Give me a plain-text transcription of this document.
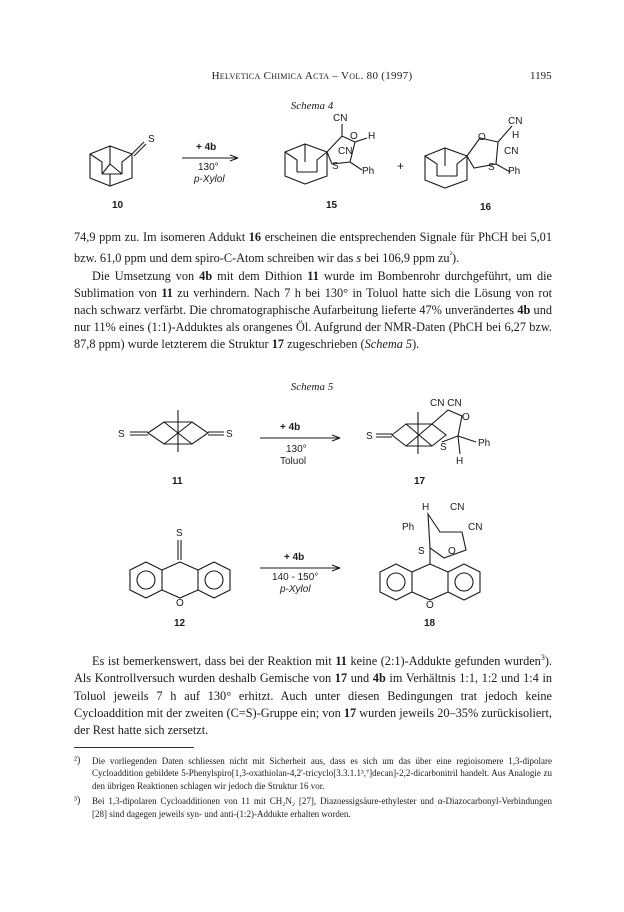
Helvetica Chimica Acta – Vol. 80 (1997)	1195
Schema 4
S
+ 4b
130°
p-Xylol
CN
O H
CN
S Ph +
CN
O	H
CN
S Ph
10	15	16

74,9 ppm zu. Im isomeren Addukt 16 erscheinen die entsprechenden Signale für PhCH bei 5,01 bzw. 61,0 ppm und dem spiro-C-Atom schreiben wir das s bei 106,9 ppm $zu^{^2}$).

Die Umsetzung von 4b mit dem Dithion 11 wurde im Bombenrohr durchgeführt, um die Sublimation von 11 zu verhindern. Nach 7 h bei 130° in Toluol hatte sich die Lösung von rot nach schwarz verfärbt. Die chromatographische Aufarbeitung lieferte 47% unverändertes 4b und nur 11% eines (1:1)-Adduktes als orangenes Öl. Aufgrund der NMR-Daten (PhCH bei 6,27 bzw. 87,8 ppm) wurde letzterem die Struktur 17 zugeschrieben (Schema 5).

Schema 5
S	S
+ 4b
130°
Toluol
CN CN
O
S
S	Ph
H
S
O
+ 4b
140 - 150°
p-Xylol
H CN
Ph	CN
S O
O
11	17
12	18

Es ist bemerkenswert, dass bei der Reaktion mit 11 keine (2:1)-Addukte gefunden wurden$^3$). Als Kontrollversuch wurden deshalb Gemische von 17 und 4b im Verhältnis 1:1, 1:2 und 1:4 in Toluol jeweils 7 h auf 130° erhitzt. Auch unter diesen Bedingungen trat jedoch keine Cycloaddition mit der zweiten (C=S)-Gruppe ein; von 17 wurden jeweils 20–35% zurückisoliert, der Rest hatte sich zersetzt.

²) Die vorliegenden Daten schliessen nicht mit Sicherheit aus, dass es sich um das über eine regioisomere 1,3-dipolare Cycloaddition gebildete 5-Phenylspiro[1,3-oxathiolan-4,2'-tricyclo[3.3.1.1³,⁷]decan]-2,2-dicarbonitril handelt. Aus Analogie zu den übrigen Reaktionen schlagen wir jedoch die Struktur 16 vor.
³) Bei 1,3-dipolaren Cycloadditionen von 11 mit CH₂N₂ [27], Diazoessigsäure-ethylester und α-Diazocarbonyl-Verbindungen [28] sind dagegen jeweils syn- und anti-(1:2)-Addukte erhalten worden.
